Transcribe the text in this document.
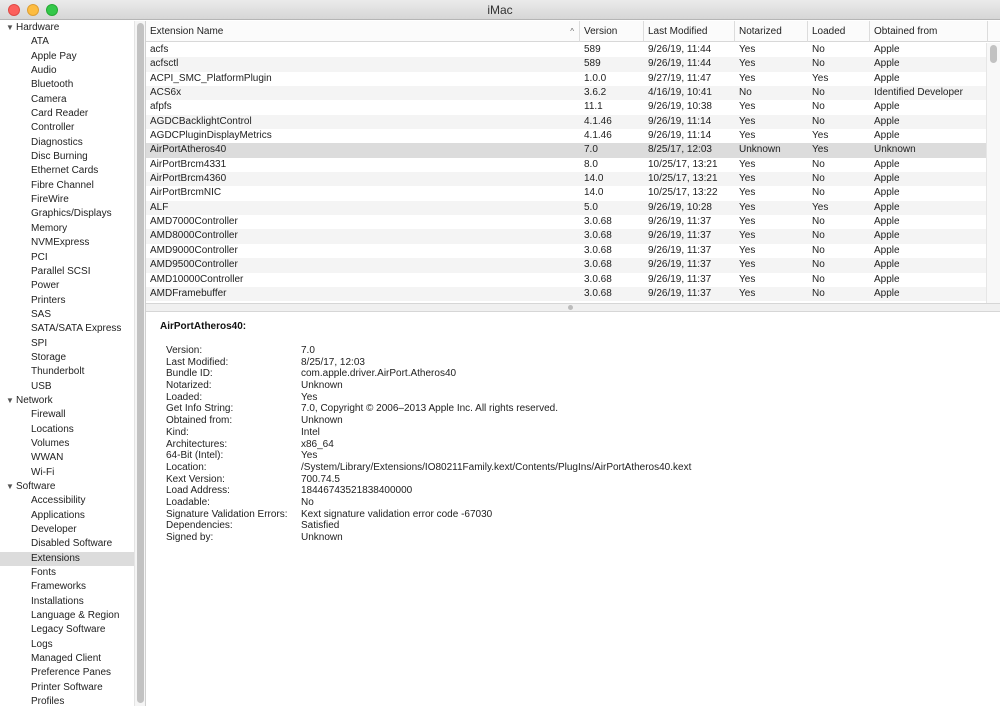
iMac
▼ Hardware
ATA
Apple Pay
Audio
Bluetooth
Camera
Card Reader
Controller
Diagnostics
Disc Burning
Ethernet Cards
Fibre Channel
FireWire
Graphics/Displays
Memory
NVMExpress
PCI
Parallel SCSI
Power
Printers
SAS
SATA/SATA Express
SPI
Storage
Thunderbolt
USB
▼ Network
Firewall
Locations
Volumes
WWAN
Wi-Fi
▼ Software
Accessibility
Applications
Developer
Disabled Software
Extensions
Fonts
Frameworks
Installations
Language & Region
Legacy Software
Logs
Managed Client
Preference Panes
Printer Software
Profiles
Extension Name	^	Version	Last Modified	Notarized	Loaded	Obtained from
acfs	589	9/26/19, 11:44	Yes	No	Apple
acfsctl	589	9/26/19, 11:44	Yes	No	Apple
ACPI_SMC_PlatformPlugin	1.0.0	9/27/19, 11:47	Yes	Yes	Apple
ACS6x	3.6.2	4/16/19, 10:41	No	No	Identified Developer
afpfs	11.1	9/26/19, 10:38	Yes	No	Apple
AGDCBacklightControl	4.1.46	9/26/19, 11:14	Yes	No	Apple
AGDCPluginDisplayMetrics	4.1.46	9/26/19, 11:14	Yes	Yes	Apple
AirPortAtheros40	7.0	8/25/17, 12:03	Unknown	Yes	Unknown
AirPortBrcm4331	8.0	10/25/17, 13:21	Yes	No	Apple
AirPortBrcm4360	14.0	10/25/17, 13:21	Yes	No	Apple
AirPortBrcmNIC	14.0	10/25/17, 13:22	Yes	No	Apple
ALF	5.0	9/26/19, 10:28	Yes	Yes	Apple
AMD7000Controller	3.0.68	9/26/19, 11:37	Yes	No	Apple
AMD8000Controller	3.0.68	9/26/19, 11:37	Yes	No	Apple
AMD9000Controller	3.0.68	9/26/19, 11:37	Yes	No	Apple
AMD9500Controller	3.0.68	9/26/19, 11:37	Yes	No	Apple
AMD10000Controller	3.0.68	9/26/19, 11:37	Yes	No	Apple
AMDFramebuffer	3.0.68	9/26/19, 11:37	Yes	No	Apple
AirPortAtheros40:
Version:	7.0
Last Modified:	8/25/17, 12:03
Bundle ID:	com.apple.driver.AirPort.Atheros40
Notarized:	Unknown
Loaded:	Yes
Get Info String:	7.0, Copyright © 2006–2013 Apple Inc. All rights reserved.
Obtained from:	Unknown
Kind:	Intel
Architectures:	x86_64
64-Bit (Intel):	Yes
Location:	/System/Library/Extensions/IO80211Family.kext/Contents/PlugIns/AirPortAtheros40.kext
Kext Version:	700.74.5
Load Address:	18446743521838400000
Loadable:	No
Signature Validation Errors: Kext signature validation error code -67030
Dependencies:	Satisfied
Signed by:	Unknown
